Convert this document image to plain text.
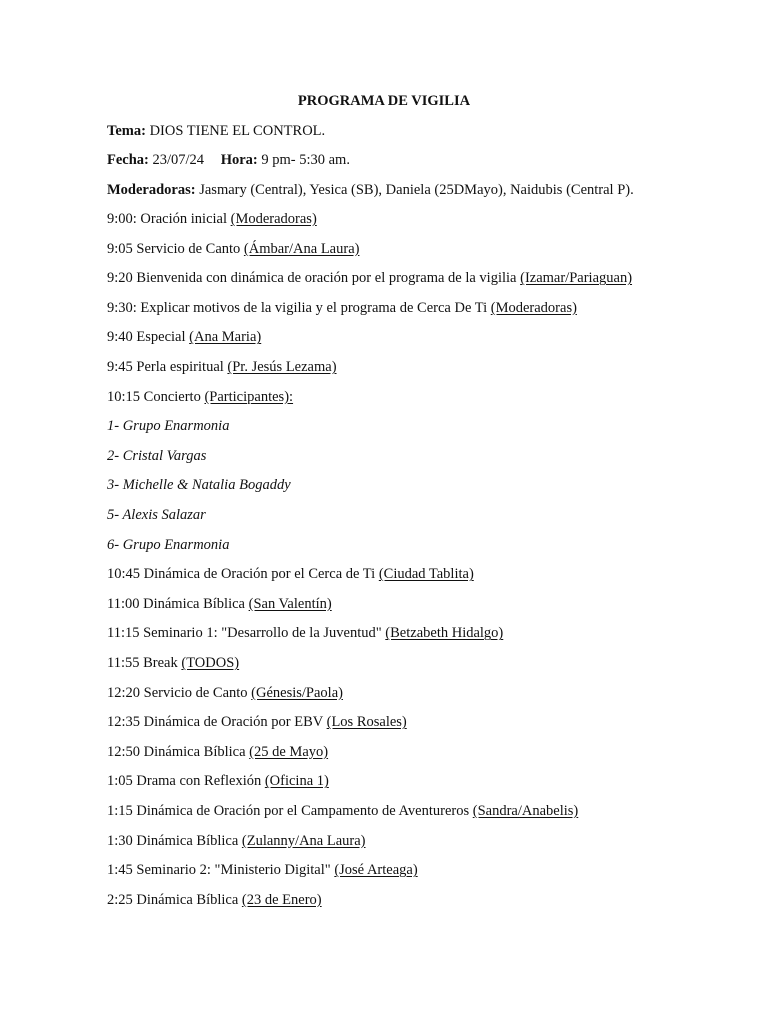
PROGRAMA DE VIGILIA
Tema: DIOS TIENE EL CONTROL.
Fecha: 23/07/24 Hora: 9 pm- 5:30 am.
Moderadoras: Jasmary (Central), Yesica (SB), Daniela (25DMayo), Naidubis (Central P).
9:00: Oración inicial (Moderadoras)
9:05 Servicio de Canto (Ámbar/Ana Laura)
9:20 Bienvenida con dinámica de oración por el programa de la vigilia (Izamar/Pariaguan)
9:30: Explicar motivos de la vigilia y el programa de Cerca De Ti (Moderadoras)
9:40 Especial (Ana Maria)
9:45 Perla espiritual (Pr. Jesús Lezama)
10:15 Concierto (Participantes):
1- Grupo Enarmonia
2- Cristal Vargas
3- Michelle & Natalia Bogaddy
5- Alexis Salazar
6- Grupo Enarmonia
10:45 Dinámica de Oración por el Cerca de Ti (Ciudad Tablita)
11:00 Dinámica Bíblica (San Valentín)
11:15 Seminario 1: "Desarrollo de la Juventud" (Betzabeth Hidalgo)
11:55 Break (TODOS)
12:20 Servicio de Canto (Génesis/Paola)
12:35 Dinámica de Oración por EBV (Los Rosales)
12:50 Dinámica Bíblica (25 de Mayo)
1:05 Drama con Reflexión (Oficina 1)
1:15 Dinámica de Oración por el Campamento de Aventureros (Sandra/Anabelis)
1:30 Dinámica Bíblica (Zulanny/Ana Laura)
1:45 Seminario 2: "Ministerio Digital" (José Arteaga)
2:25 Dinámica Bíblica (23 de Enero)
